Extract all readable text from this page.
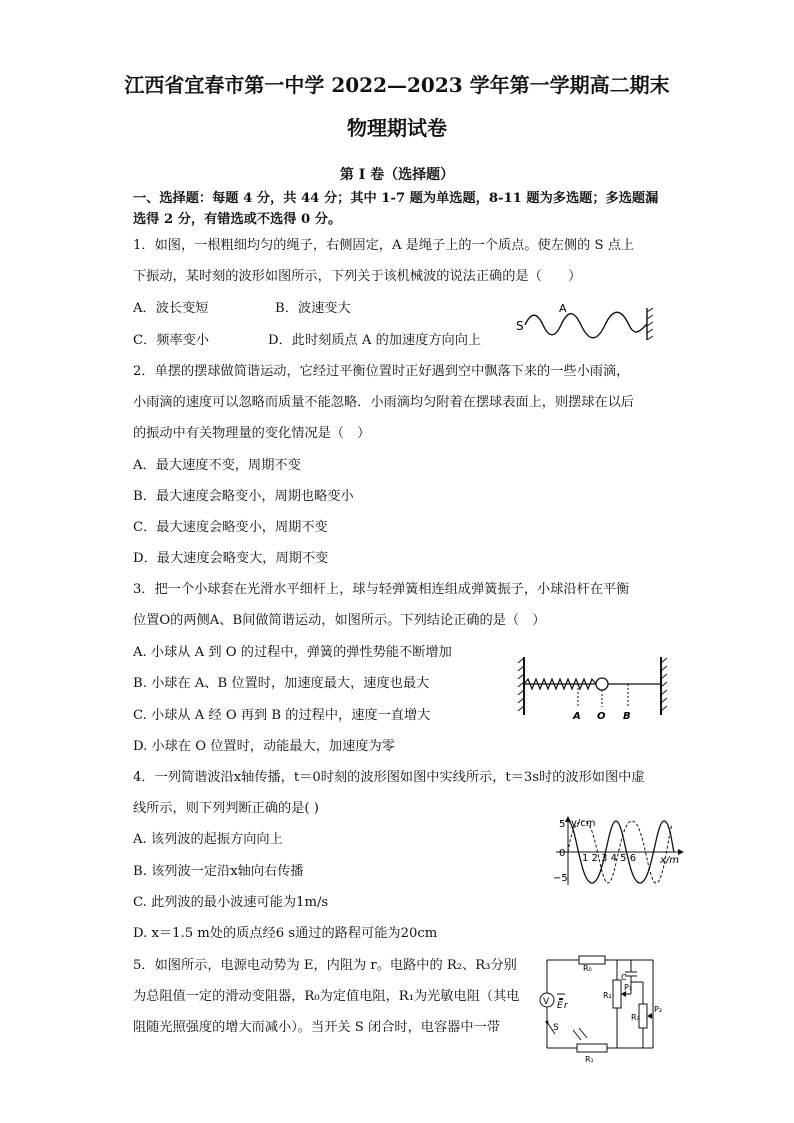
江西省宜春市第一中学 2022—2023 学年第一学期高二期末
物理期试卷
第 I 卷（选择题）
一、选择题：每题 4 分，共 44 分；其中 1-7 题为单选题，8-11 题为多选题；多选题漏
选得 2 分，有错选或不选得 0 分。
1．如图，一根粗细均匀的绳子，右侧固定，A 是绳子上的一个质点。使左侧的 S 点上
下振动，某时刻的波形如图所示，下列关于该机械波的说法正确的是（　　）
A．波长变短	B．波速变大
C．频率变小	D．此时刻质点 A 的加速度方向向上
S
A
2．单摆的摆球做简谐运动，它经过平衡位置时正好遇到空中飘落下来的一些小雨滴，
小雨滴的速度可以忽略而质量不能忽略．小雨滴均匀附着在摆球表面上，则摆球在以后
的振动中有关物理量的变化情况是（　）
A．最大速度不变，周期不变
B．最大速度会略变小，周期也略变小
C．最大速度会略变小，周期不变
D．最大速度会略变大，周期不变
3．把一个小球套在光滑水平细杆上，球与轻弹簧相连组成弹簧振子，小球沿杆在平衡
位置O的两侧A、B间做简谐运动，如图所示。下列结论正确的是（　）
A. 小球从 A 到 O 的过程中，弹簧的弹性势能不断增加
B. 小球在 A、B 位置时，加速度最大，速度也最大
C. 小球从 A 经 O 再到 B 的过程中，速度一直增大
D. 小球在 O 位置时，动能最大，加速度为零
A O B
4．一列简谐波沿x轴传播，t＝0时刻的波形图如图中实线所示，t＝3s时的波形如图中虚
线所示，则下列判断正确的是( )
A. 该列波的起振方向向上
B. 该列波一定沿x轴向右传播
C. 此列波的最小波速可能为1m/s
D. x＝1.5 m处的质点经6 s通过的路程可能为20cm
y/cm
x/m
5
0
−5
1 2 3 4 5 6
5．如图所示，电源电动势为 E，内阻为 r。电路中的 R₂、R₃分别
为总阻值一定的滑动变阻器，R₀为定值电阻，R₁为光敏电阻（其电
阻随光照强度的增大而减小）。当开关 S 闭合时，电容器中一带
V E r
S
R₀
R₁
R₂
R₃
C
P₁
P₂
